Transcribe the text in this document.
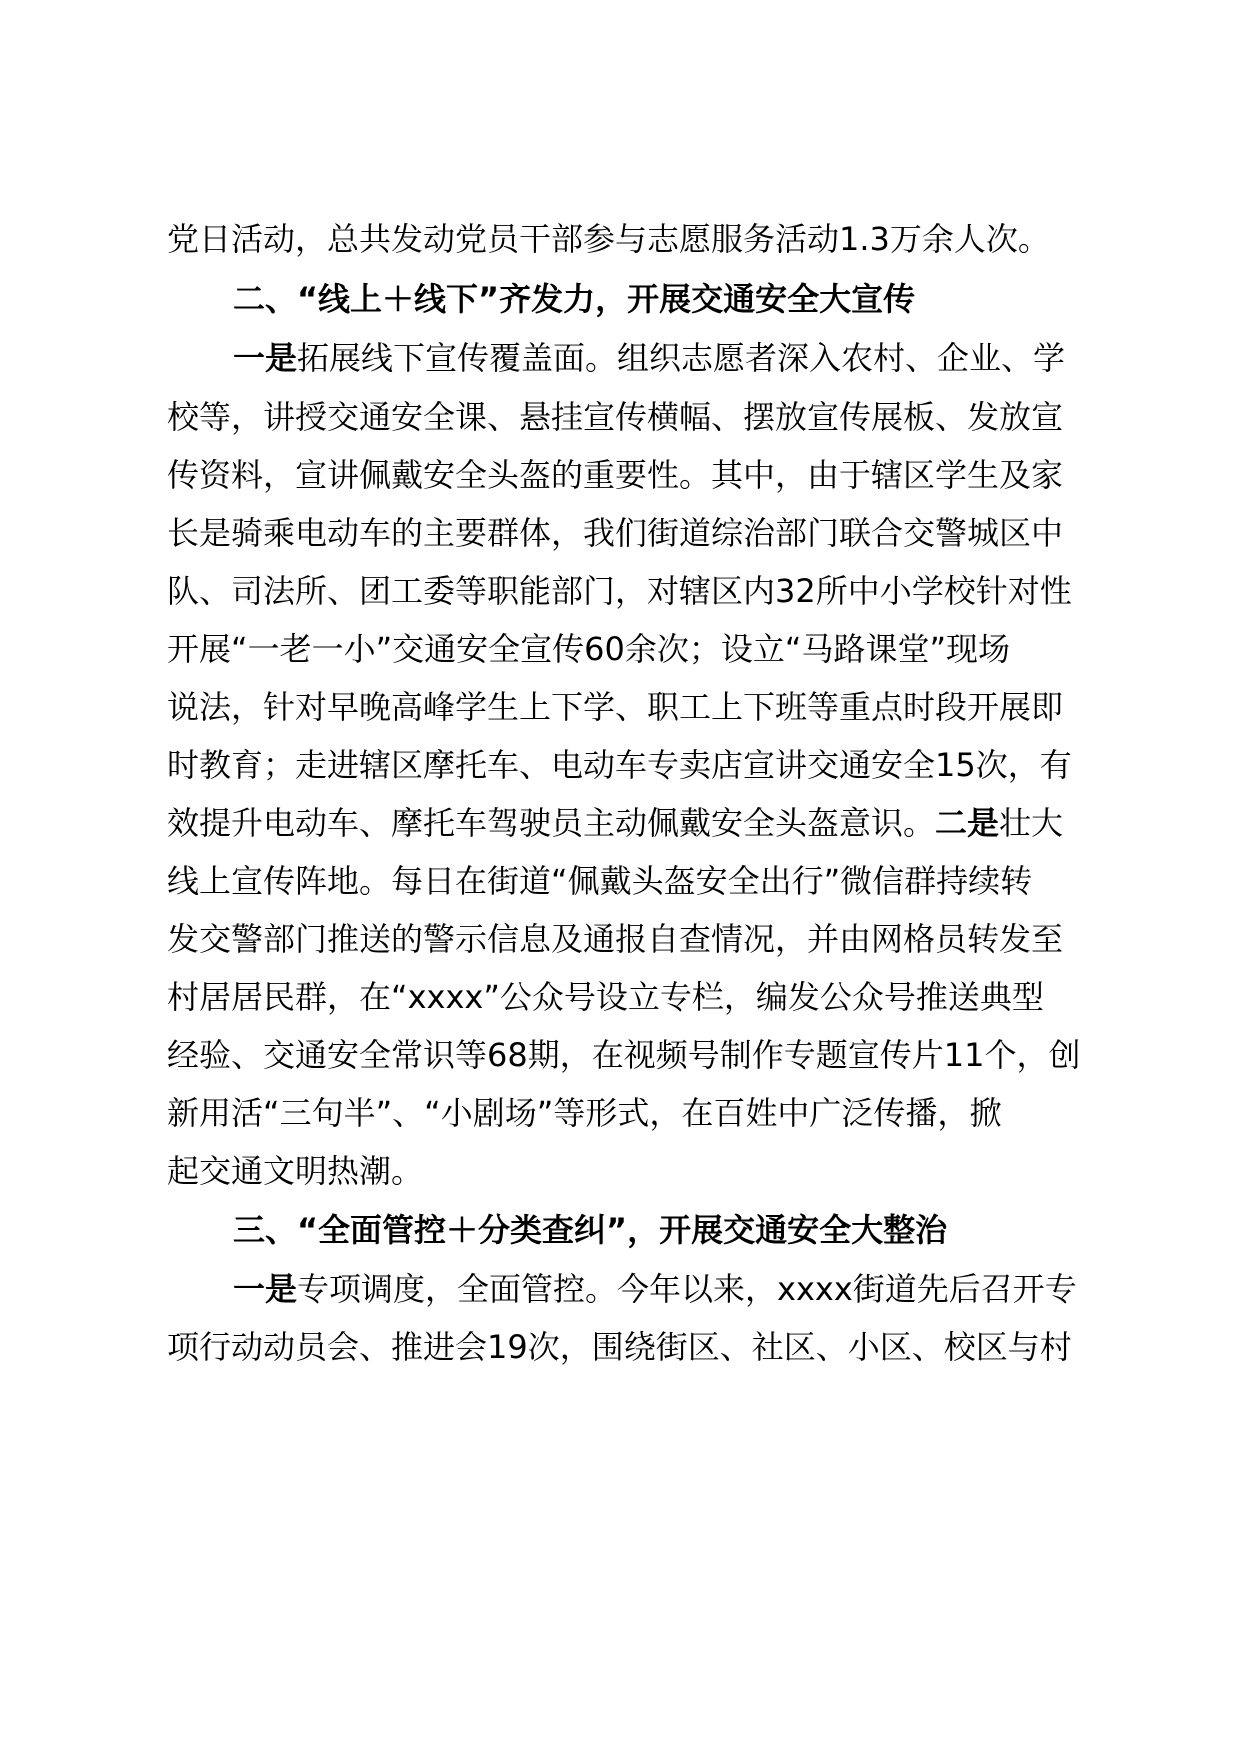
党日活动，总共发动党员干部参与志愿服务活动1.3万余人次。
二、“线上＋线下”齐发力，开展交通安全大宣传
一是拓展线下宣传覆盖面。组织志愿者深入农村、企业、学
校等，讲授交通安全课、悬挂宣传横幅、摆放宣传展板、发放宣
传资料，宣讲佩戴安全头盔的重要性。其中，由于辖区学生及家
长是骑乘电动车的主要群体，我们街道综治部门联合交警城区中
队、司法所、团工委等职能部门，对辖区内32所中小学校针对性
开展“一老一小”交通安全宣传60余次；设立“马路课堂”现场
说法，针对早晚高峰学生上下学、职工上下班等重点时段开展即
时教育；走进辖区摩托车、电动车专卖店宣讲交通安全15次，有
效提升电动车、摩托车驾驶员主动佩戴安全头盔意识。二是壮大
线上宣传阵地。每日在街道“佩戴头盔安全出行”微信群持续转
发交警部门推送的警示信息及通报自查情况，并由网格员转发至
村居居民群，在“xxxx”公众号设立专栏，编发公众号推送典型
经验、交通安全常识等68期，在视频号制作专题宣传片11个，创
新用活“三句半”、“小剧场”等形式，在百姓中广泛传播，掀
起交通文明热潮。
三、“全面管控＋分类查纠”，开展交通安全大整治
一是专项调度，全面管控。今年以来，xxxx街道先后召开专
项行动动员会、推进会19次，围绕街区、社区、小区、校区与村
